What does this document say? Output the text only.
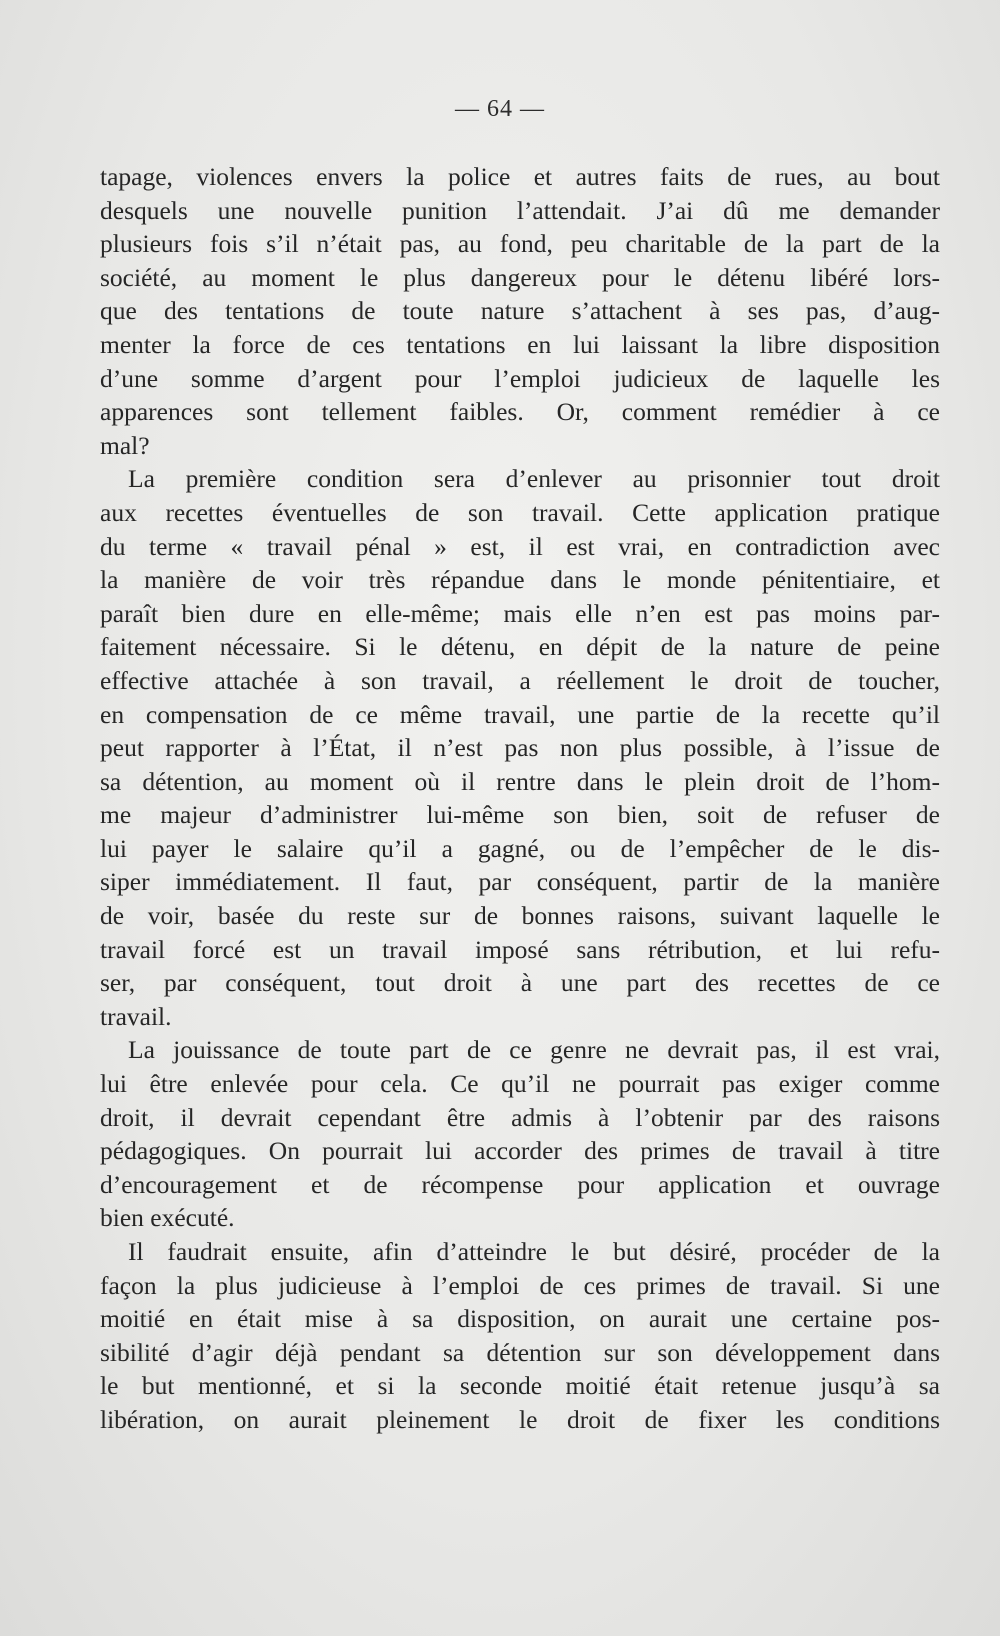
— 64 —
tapage, violences envers la police et autres faits de rues, au bout
desquels une nouvelle punition l’attendait. J’ai dû me demander
plusieurs fois s’il n’était pas, au fond, peu charitable de la part de la
société, au moment le plus dangereux pour le détenu libéré lors-
que des tentations de toute nature s’attachent à ses pas, d’aug-
menter la force de ces tentations en lui laissant la libre disposition
d’une somme d’argent pour l’emploi judicieux de laquelle les
apparences sont tellement faibles. Or, comment remédier à ce
mal?
La première condition sera d’enlever au prisonnier tout droit
aux recettes éventuelles de son travail. Cette application pratique
du terme « travail pénal » est, il est vrai, en contradiction avec
la manière de voir très répandue dans le monde pénitentiaire, et
paraît bien dure en elle-même; mais elle n’en est pas moins par-
faitement nécessaire. Si le détenu, en dépit de la nature de peine
effective attachée à son travail, a réellement le droit de toucher,
en compensation de ce même travail, une partie de la recette qu’il
peut rapporter à l’État, il n’est pas non plus possible, à l’issue de
sa détention, au moment où il rentre dans le plein droit de l’hom-
me majeur d’administrer lui-même son bien, soit de refuser de
lui payer le salaire qu’il a gagné, ou de l’empêcher de le dis-
siper immédiatement. Il faut, par conséquent, partir de la manière
de voir, basée du reste sur de bonnes raisons, suivant laquelle le
travail forcé est un travail imposé sans rétribution, et lui refu-
ser, par conséquent, tout droit à une part des recettes de ce
travail.
La jouissance de toute part de ce genre ne devrait pas, il est vrai,
lui être enlevée pour cela. Ce qu’il ne pourrait pas exiger comme
droit, il devrait cependant être admis à l’obtenir par des raisons
pédagogiques. On pourrait lui accorder des primes de travail à titre
d’encouragement et de récompense pour application et ouvrage
bien exécuté.
Il faudrait ensuite, afin d’atteindre le but désiré, procéder de la
façon la plus judicieuse à l’emploi de ces primes de travail. Si une
moitié en était mise à sa disposition, on aurait une certaine pos-
sibilité d’agir déjà pendant sa détention sur son développement dans
le but mentionné, et si la seconde moitié était retenue jusqu’à sa
libération, on aurait pleinement le droit de fixer les conditions
